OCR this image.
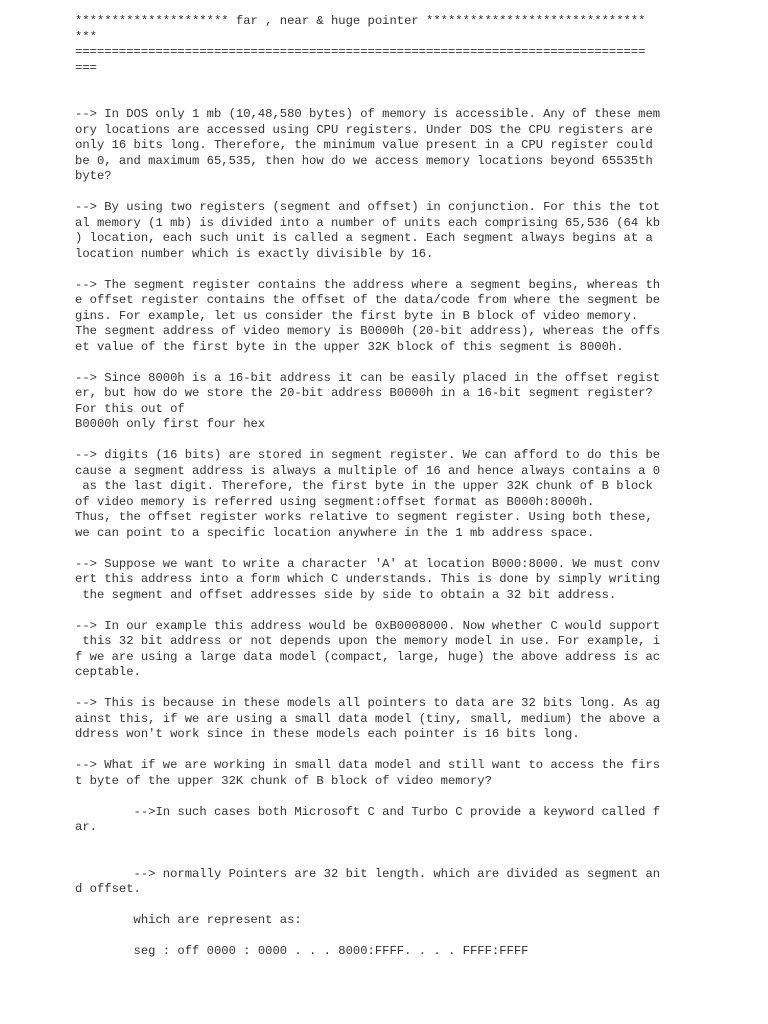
********************* far , near & huge pointer ******************************
***
==============================================================================
===
--> In DOS only 1 mb (10,48,580 bytes) of memory is accessible. Any of these mem
ory locations are accessed using CPU registers. Under DOS the CPU registers are
only 16 bits long. Therefore, the minimum value present in a CPU register could
be 0, and maximum 65,535, then how do we access memory locations beyond 65535th
byte?
--> By using two registers (segment and offset) in conjunction. For this the tot
al memory (1 mb) is divided into a number of units each comprising 65,536 (64 kb
) location, each such unit is called a segment. Each segment always begins at a
location number which is exactly divisible by 16.
--> The segment register contains the address where a segment begins, whereas th
e offset register contains the offset of the data/code from where the segment be
gins. For example, let us consider the first byte in B block of video memory.
The segment address of video memory is B0000h (20-bit address), whereas the offs
et value of the first byte in the upper 32K block of this segment is 8000h.
--> Since 8000h is a 16-bit address it can be easily placed in the offset regist
er, but how do we store the 20-bit address B0000h in a 16-bit segment register?
For this out of
B0000h only first four hex
--> digits (16 bits) are stored in segment register. We can afford to do this be
cause a segment address is always a multiple of 16 and hence always contains a 0
as the last digit. Therefore, the first byte in the upper 32K chunk of B block
of video memory is referred using segment:offset format as B000h:8000h.
Thus, the offset register works relative to segment register. Using both these,
we can point to a specific location anywhere in the 1 mb address space.
--> Suppose we want to write a character 'A' at location B000:8000. We must conv
ert this address into a form which C understands. This is done by simply writing
the segment and offset addresses side by side to obtain a 32 bit address.
--> In our example this address would be 0xB0008000. Now whether C would support
this 32 bit address or not depends upon the memory model in use. For example, i
f we are using a large data model (compact, large, huge) the above address is ac
ceptable.
--> This is because in these models all pointers to data are 32 bits long. As ag
ainst this, if we are using a small data model (tiny, small, medium) the above a
ddress won't work since in these models each pointer is 16 bits long.
--> What if we are working in small data model and still want to access the firs
t byte of the upper 32K chunk of B block of video memory?
-->In such cases both Microsoft C and Turbo C provide a keyword called f
ar.
--> normally Pointers are 32 bit length. which are divided as segment an
d offset.
which are represent as:
seg : off 0000 : 0000 . . . 8000:FFFF. . . . FFFF:FFFF
